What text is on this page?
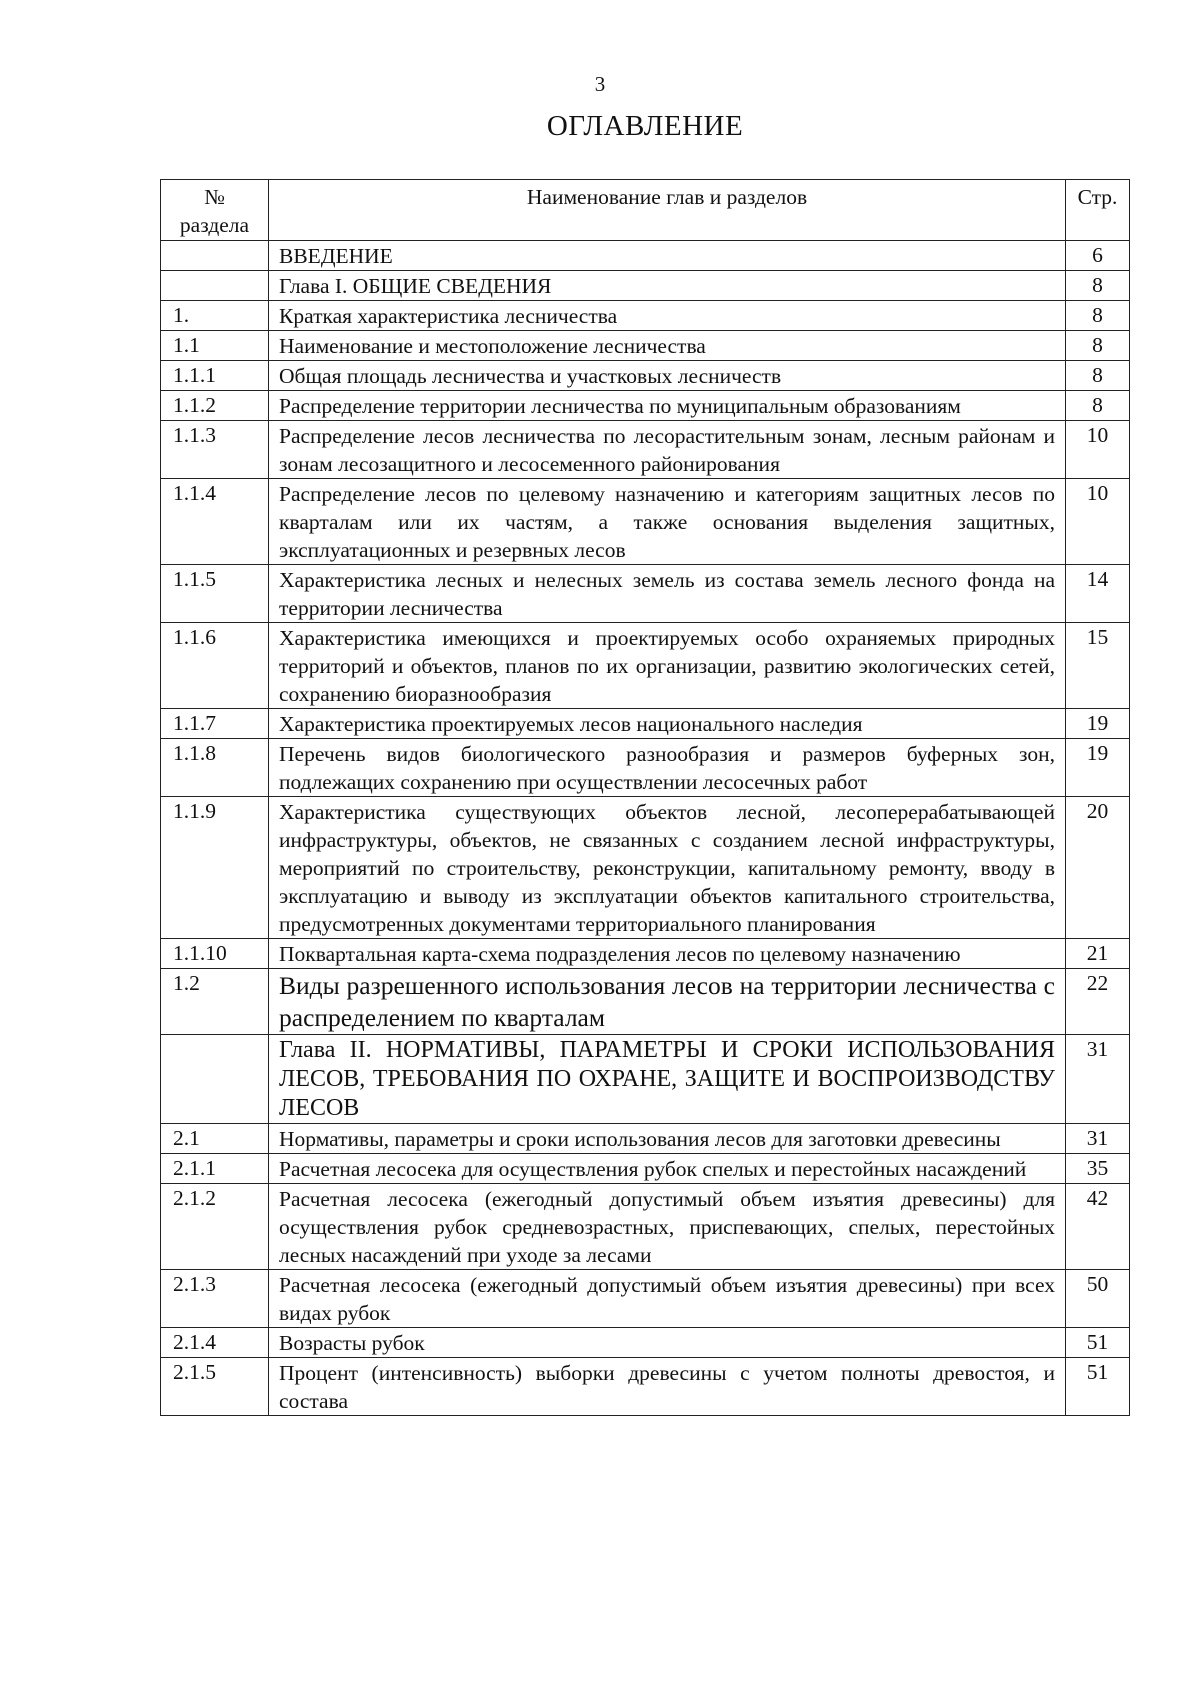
3
ОГЛАВЛЕНИЕ
№ раздела	Наименование глав и разделов	Стр.
	ВВЕДЕНИЕ	6
	Глава I. ОБЩИЕ СВЕДЕНИЯ	8
1.	Краткая характеристика лесничества	8
1.1	Наименование и местоположение лесничества	8
1.1.1	Общая площадь лесничества и участковых лесничеств	8
1.1.2	Распределение территории лесничества по муниципальным образованиям	8
1.1.3	Распределение лесов лесничества по лесорастительным зонам, лесным районам и зонам лесозащитного и лесосеменного районирования	10
1.1.4	Распределение лесов по целевому назначению и категориям защитных лесов по кварталам или их частям, а также основания выделения защитных, эксплуатационных и резервных лесов	10
1.1.5	Характеристика лесных и нелесных земель из состава земель лесного фонда на территории лесничества	14
1.1.6	Характеристика имеющихся и проектируемых особо охраняемых природных территорий и объектов, планов по их организации, развитию экологических сетей, сохранению биоразнообразия	15
1.1.7	Характеристика проектируемых лесов национального наследия	19
1.1.8	Перечень видов биологического разнообразия и размеров буферных зон, подлежащих сохранению при осуществлении лесосечных работ	19
1.1.9	Характеристика существующих объектов лесной, лесоперерабатывающей инфраструктуры, объектов, не связанных с созданием лесной инфраструктуры, мероприятий по строительству, реконструкции, капитальному ремонту, вводу в эксплуатацию и выводу из эксплуатации объектов капитального строительства, предусмотренных документами территориального планирования	20
1.1.10	Поквартальная карта-схема подразделения лесов по целевому назначению	21
1.2	Виды разрешенного использования лесов на территории лесничества с распределением по кварталам	22
	Глава II. НОРМАТИВЫ, ПАРАМЕТРЫ И СРОКИ ИСПОЛЬЗОВАНИЯ ЛЕСОВ, ТРЕБОВАНИЯ ПО ОХРАНЕ, ЗАЩИТЕ И ВОСПРОИЗВОДСТВУ ЛЕСОВ	31
2.1	Нормативы, параметры и сроки использования лесов для заготовки древесины	31
2.1.1	Расчетная лесосека для осуществления рубок спелых и перестойных насаждений	35
2.1.2	Расчетная лесосека (ежегодный допустимый объем изъятия древесины) для осуществления рубок средневозрастных, приспевающих, спелых, перестойных лесных насаждений при уходе за лесами	42
2.1.3	Расчетная лесосека (ежегодный допустимый объем изъятия древесины) при всех видах рубок	50
2.1.4	Возрасты рубок	51
2.1.5	Процент (интенсивность) выборки древесины с учетом полноты древостоя, и состава	51
